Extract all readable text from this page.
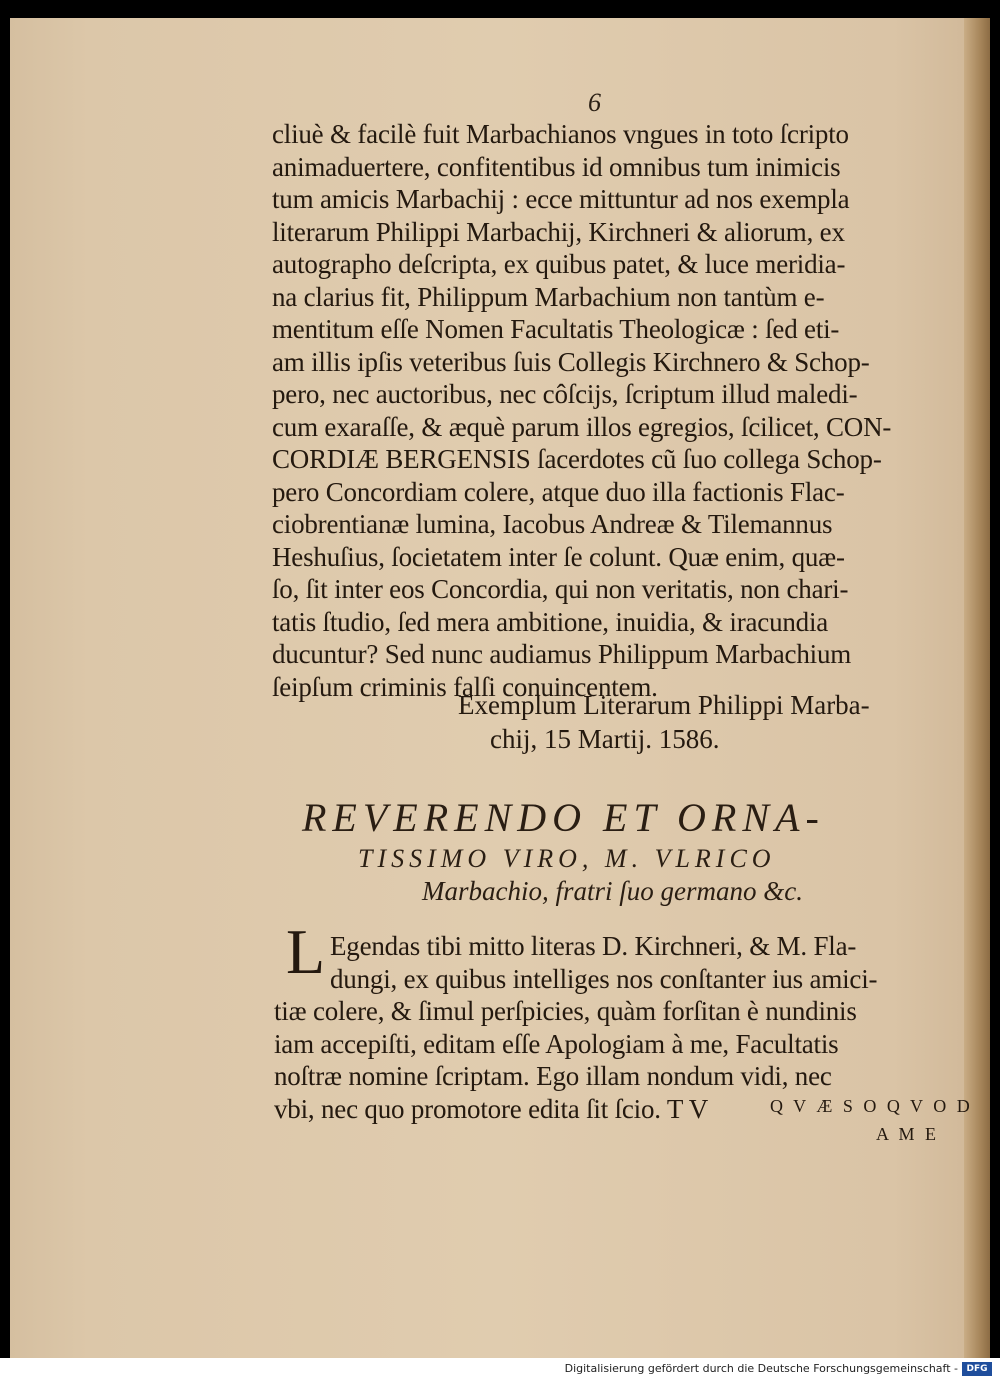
6
cliuè & facilè fuit Marbachianos vngues in toto ſcripto
animaduertere, confitentibus id omnibus tum inimicis
tum amicis Marbachij : ecce mittuntur ad nos exempla
literarum Philippi Marbachij, Kirchneri & aliorum, ex
autographo deſcripta, ex quibus patet, & luce meridia-
na clarius fit, Philippum Marbachium non tantùm e-
mentitum eſſe Nomen Facultatis Theologicæ : ſed eti-
am illis ipſis veteribus ſuis Collegis Kirchnero & Schop-
pero, nec auctoribus, nec côſcijs, ſcriptum illud maledi-
cum exaraſſe, & æquè parum illos egregios, ſcilicet, CON-
CORDIÆ BERGENSIS ſacerdotes cũ ſuo collega Schop-
pero Concordiam colere, atque duo illa factionis Flac-
ciobrentianæ lumina, Iacobus Andreæ & Tilemannus
Heshuſius, ſocietatem inter ſe colunt. Quæ enim, quæ-
ſo, ſit inter eos Concordia, qui non veritatis, non chari-
tatis ſtudio, ſed mera ambitione, inuidia, & iracundia
ducuntur? Sed nunc audiamus Philippum Marbachium
ſeipſum criminis falſi conuincentem.
Exemplum Literarum Philippi Marba-
chij, 15 Martij. 1586.
REVERENDO ET ORNA-
TISSIMO VIRO, M. VLRICO
Marbachio, fratri ſuo germano &c.
L Egendas tibi mitto literas D. Kirchneri, & M. Fla-
dungi, ex quibus intelliges nos conſtanter ius amici-
tiæ colere, & ſimul perſpicies, quàm forſitan è nundinis
iam accepiſti, editam eſſe Apologiam à me, Facultatis
noſtræ nomine ſcriptam. Ego illam nondum vidi, nec
vbi, nec quo promotore edita ſit ſcio. T V	Q V Æ S O Q V O D
A M E
Digitalisierung gefördert durch die Deutsche Forschungsgemeinschaft - DFG
